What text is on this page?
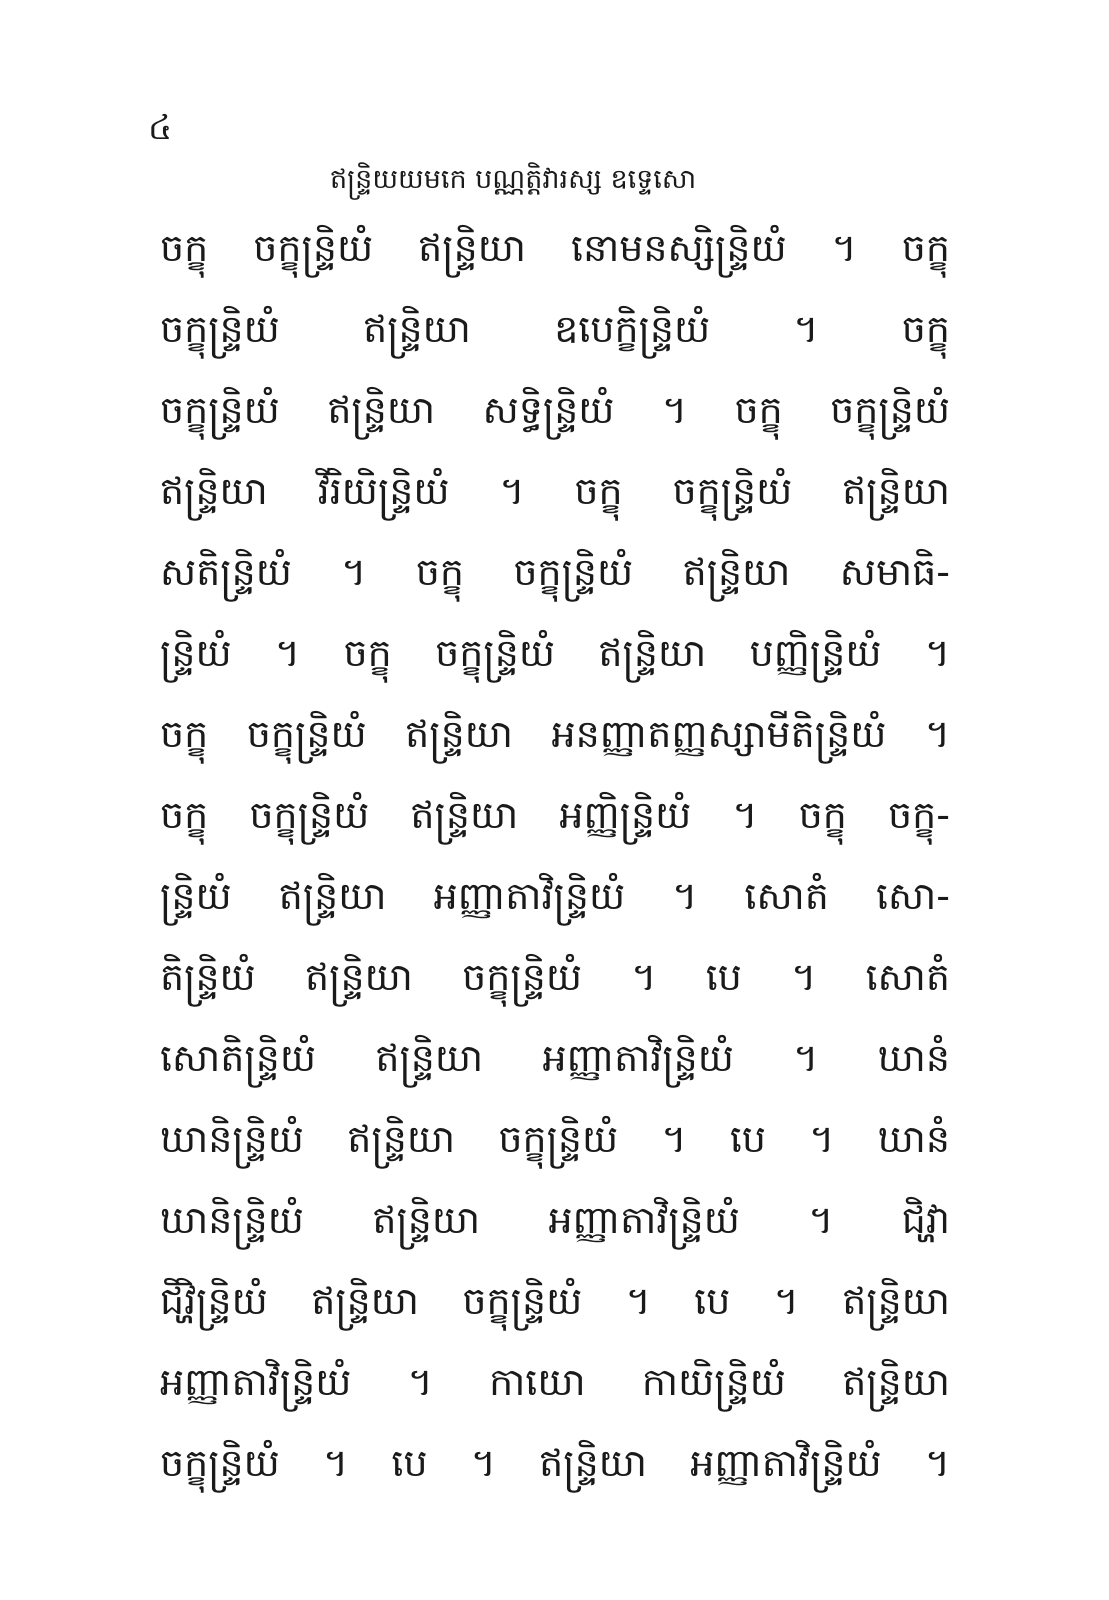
៤
ឥន្ទ្រិយយមកេ បណ្ណត្តិវារស្ស ឧទ្ទេសោ
ចក្ខុ ចក្ខុន្ទ្រិយំ ឥន្ទ្រិយា នោមនស្សិន្ទ្រិយំ ។ ចក្ខុ
ចក្ខុន្ទ្រិយំ ឥន្ទ្រិយា ឧបេក្ខិន្ទ្រិយំ ។ ចក្ខុ
ចក្ខុន្ទ្រិយំ ឥន្ទ្រិយា សទ្ធិន្ទ្រិយំ ។ ចក្ខុ ចក្ខុន្ទ្រិយំ
ឥន្ទ្រិយា វីរិយិន្ទ្រិយំ ។ ចក្ខុ ចក្ខុន្ទ្រិយំ ឥន្ទ្រិយា
សតិន្ទ្រិយំ ។ ចក្ខុ ចក្ខុន្ទ្រិយំ ឥន្ទ្រិយា សមាធិ-
ន្ទ្រិយំ ។ ចក្ខុ ចក្ខុន្ទ្រិយំ ឥន្ទ្រិយា បញ្ញិន្ទ្រិយំ ។
ចក្ខុ ចក្ខុន្ទ្រិយំ ឥន្ទ្រិយា អនញ្ញាតញ្ញស្សាមីតិន្ទ្រិយំ ។
ចក្ខុ ចក្ខុន្ទ្រិយំ ឥន្ទ្រិយា អញ្ញិន្ទ្រិយំ ។ ចក្ខុ ចក្ខុ-
ន្ទ្រិយំ ឥន្ទ្រិយា អញ្ញាតាវិន្ទ្រិយំ ។ សោតំ សោ-
តិន្ទ្រិយំ ឥន្ទ្រិយា ចក្ខុន្ទ្រិយំ ។ បេ ។ សោតំ
សោតិន្ទ្រិយំ ឥន្ទ្រិយា អញ្ញាតាវិន្ទ្រិយំ ។ ឃានំ
ឃានិន្ទ្រិយំ ឥន្ទ្រិយា ចក្ខុន្ទ្រិយំ ។ បេ ។ ឃានំ
ឃានិន្ទ្រិយំ ឥន្ទ្រិយា អញ្ញាតាវិន្ទ្រិយំ ។ ជិវ្ហា
ជិវ្ហិន្ទ្រិយំ ឥន្ទ្រិយា ចក្ខុន្ទ្រិយំ ។ បេ ។ ឥន្ទ្រិយា
អញ្ញាតាវិន្ទ្រិយំ ។ កាយោ កាយិន្ទ្រិយំ ឥន្ទ្រិយា
ចក្ខុន្ទ្រិយំ ។ បេ ។ ឥន្ទ្រិយា អញ្ញាតាវិន្ទ្រិយំ ។
